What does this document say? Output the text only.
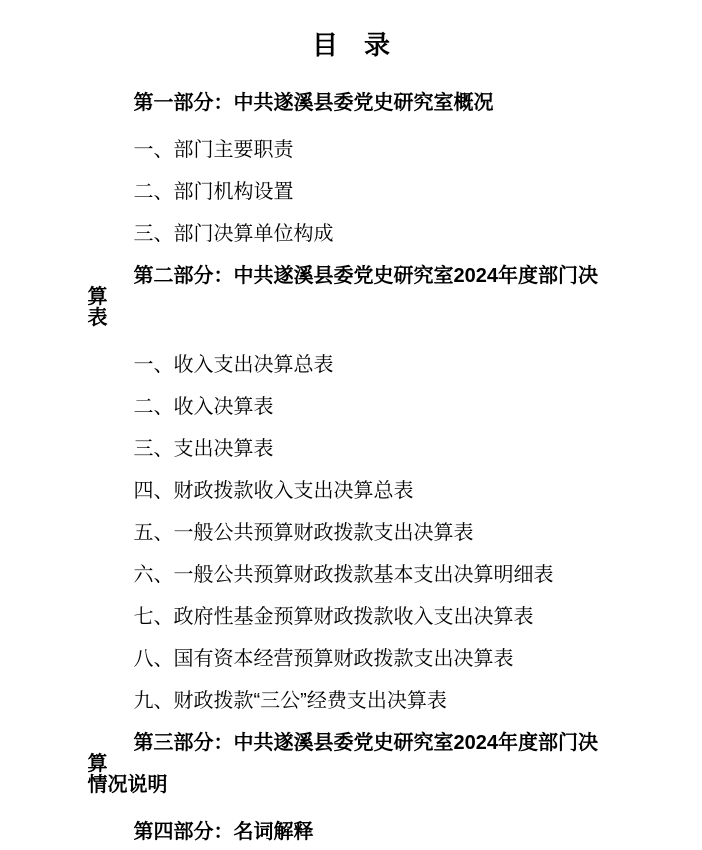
目　录

第一部分：中共遂溪县委党史研究室概况

一、部门主要职责

二、部门机构设置

三、部门决算单位构成

第二部分：中共遂溪县委党史研究室2024年度部门决算
表

一、收入支出决算总表

二、收入决算表

三、支出决算表

四、财政拨款收入支出决算总表

五、一般公共预算财政拨款支出决算表

六、一般公共预算财政拨款基本支出决算明细表

七、政府性基金预算财政拨款收入支出决算表

八、国有资本经营预算财政拨款支出决算表

九、财政拨款“三公”经费支出决算表

第三部分：中共遂溪县委党史研究室2024年度部门决算
情况说明

第四部分：名词解释
